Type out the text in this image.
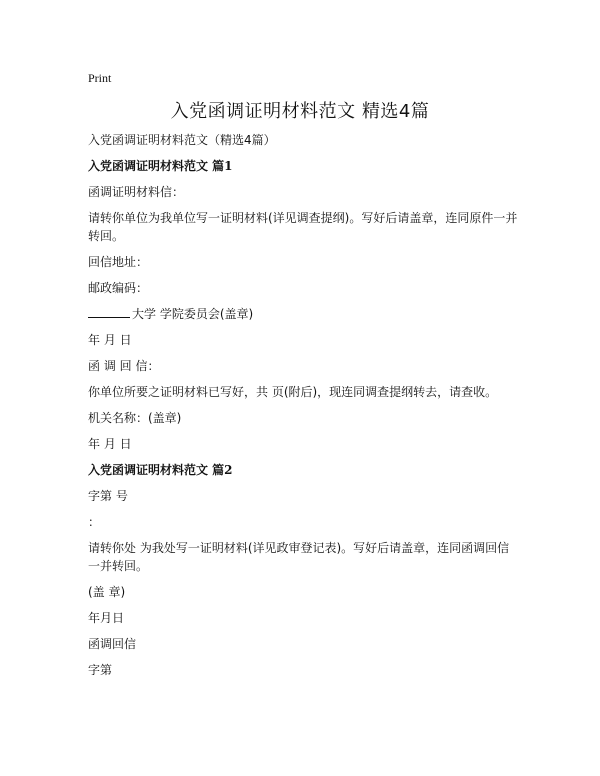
Print
入党函调证明材料范文 精选4篇
入党函调证明材料范文（精选4篇）
入党函调证明材料范文 篇1
函调证明材料信：
请转你单位为我单位写一证明材料(详见调查提纲)。写好后请盖章，连同原件一并转回。
回信地址：
邮政编码：
大学 学院委员会(盖章)
年 月 日
函 调 回 信：
你单位所要之证明材料已写好，共 页(附后)，现连同调查提纲转去，请查收。
机关名称：(盖章)
年 月 日
入党函调证明材料范文 篇2
字第 号
：
请转你处 为我处写一证明材料(详见政审登记表)。写好后请盖章，连同函调回信一并转回。
(盖 章)
年月日
函调回信
字第
